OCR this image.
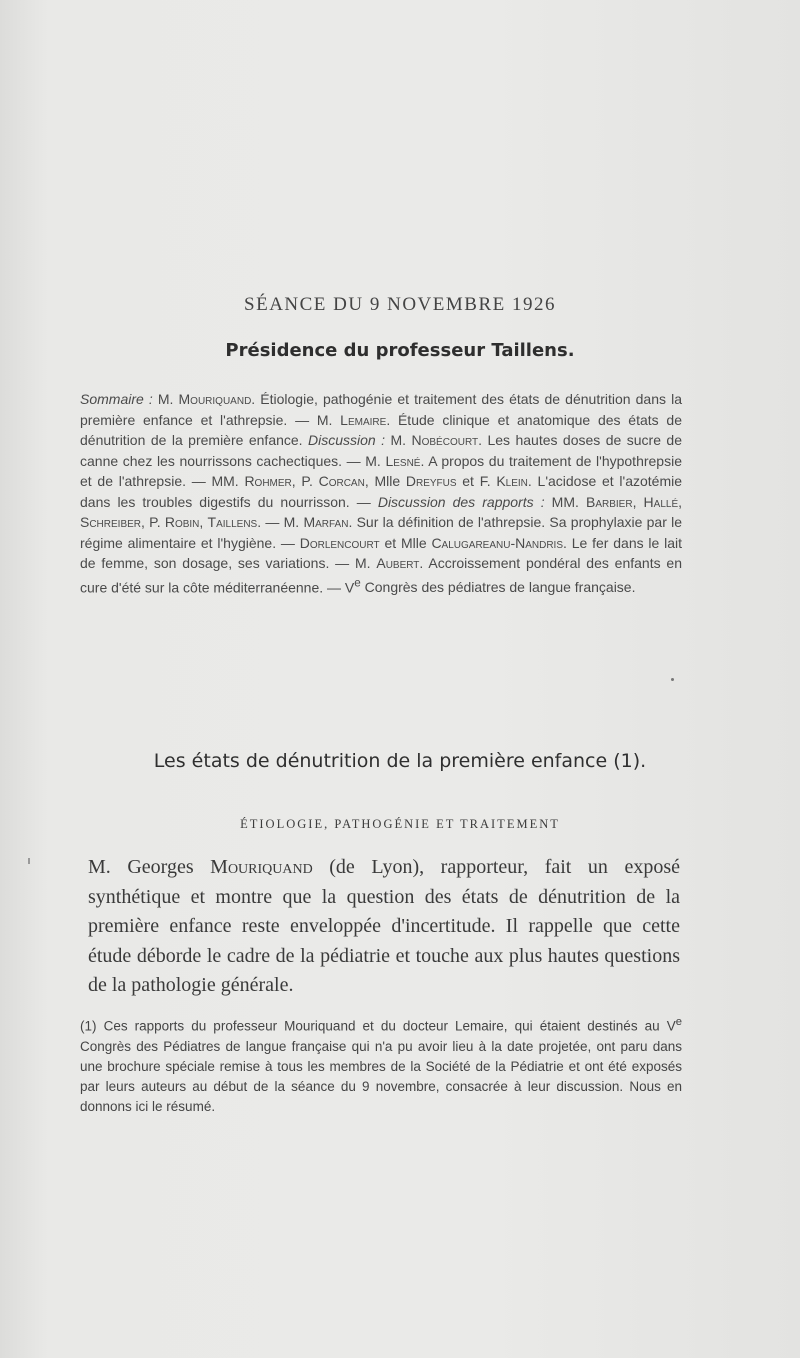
SÉANCE DU 9 NOVEMBRE 1926
Présidence du professeur Taillens.
Sommaire : M. Mouriquand. Étiologie, pathogénie et traitement des états de dénutrition dans la première enfance et l'athrepsie. — M. Lemaire. Étude clinique et anatomique des états de dénutrition de la première enfance. Discussion : M. Nobécourt. Les hautes doses de sucre de canne chez les nourrissons cachectiques. — M. Lesné. A propos du traitement de l'hypothrepsie et de l'athrepsie. — MM. Rohmer, P. Corcan, Mlle Dreyfus et F. Klein. L'acidose et l'azotémie dans les troubles digestifs du nourrisson. — Discussion des rapports : MM. Barbier, Hallé, Schreiber, P. Robin, Taillens. — M. Marfan. Sur la définition de l'athrepsie. Sa prophylaxie par le régime alimentaire et l'hygiène. — Dorlencourt et Mlle Calugareanu-Nandris. Le fer dans le lait de femme, son dosage, ses variations. — M. Aubert. Accroissement pondéral des enfants en cure d'été sur la côte méditerranéenne. — Ve Congrès des pédiatres de langue française.
Les états de dénutrition de la première enfance (1).
ÉTIOLOGIE, PATHOGÉNIE ET TRAITEMENT
M. Georges Mouriquand (de Lyon), rapporteur, fait un exposé synthétique et montre que la question des états de dénutrition de la première enfance reste enveloppée d'incertitude. Il rappelle que cette étude déborde le cadre de la pédiatrie et touche aux plus hautes questions de la pathologie générale.
(1) Ces rapports du professeur Mouriquand et du docteur Lemaire, qui étaient destinés au Ve Congrès des Pédiatres de langue française qui n'a pu avoir lieu à la date projetée, ont paru dans une brochure spéciale remise à tous les membres de la Société de la Pédiatrie et ont été exposés par leurs auteurs au début de la séance du 9 novembre, consacrée à leur discussion. Nous en donnons ici le résumé.
